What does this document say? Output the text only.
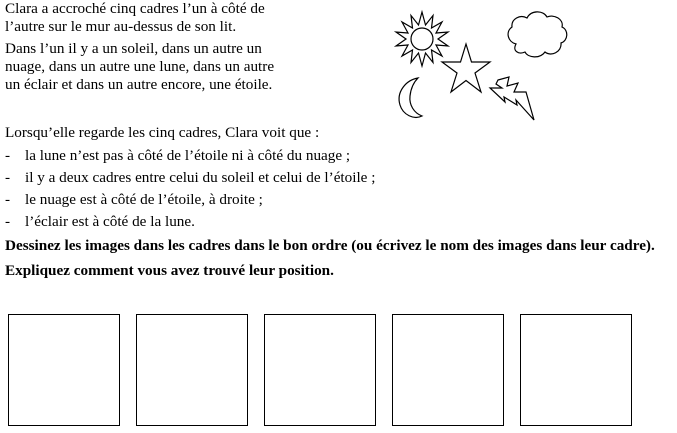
Clara a accroché cinq cadres l’un à côté de
l’autre sur le mur au-dessus de son lit.
Dans l’un il y a un soleil, dans un autre un
nuage, dans un autre une lune, dans un autre
un éclair et dans un autre encore, une étoile.
Lorsqu’elle regarde les cinq cadres, Clara voit que :
- la lune n’est pas à côté de l’étoile ni à côté du nuage ;
- il y a deux cadres entre celui du soleil et celui de l’étoile ;
- le nuage est à côté de l’étoile, à droite ;
- l’éclair est à côté de la lune.
Dessinez les images dans les cadres dans le bon ordre (ou écrivez le nom des images dans leur cadre).
Expliquez comment vous avez trouvé leur position.
